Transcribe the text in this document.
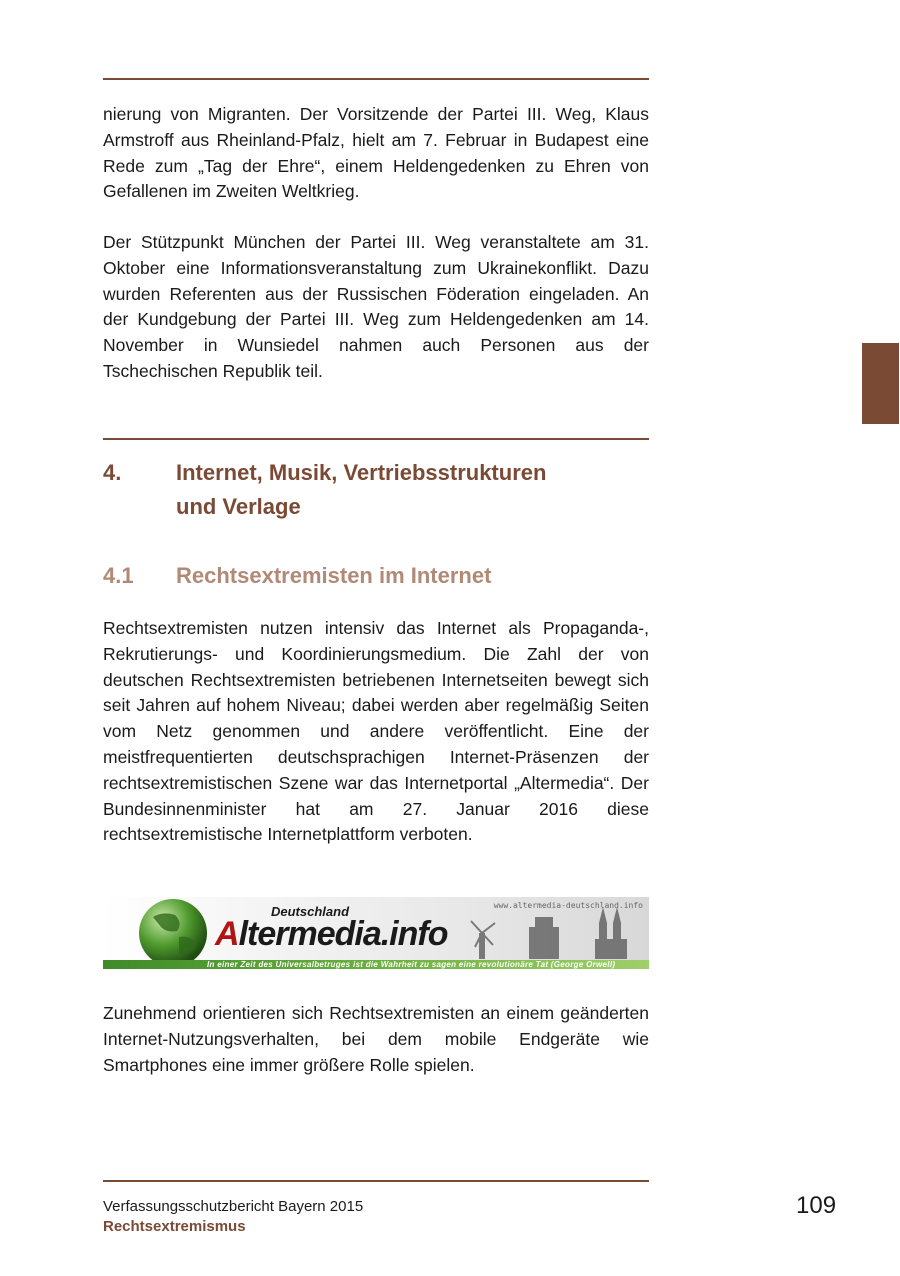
nierung von Migranten. Der Vorsitzende der Partei III. Weg, Klaus Armstroff aus Rheinland-Pfalz, hielt am 7. Februar in Budapest eine Rede zum „Tag der Ehre“, einem Heldengedenken zu Ehren von Gefallenen im Zweiten Weltkrieg.

Der Stützpunkt München der Partei III. Weg veranstaltete am 31. Oktober eine Informationsveranstaltung zum Ukrainekonflikt. Dazu wurden Referenten aus der Russischen Föderation eingeladen. An der Kundgebung der Partei III. Weg zum Heldengedenken am 14. November in Wunsiedel nahmen auch Personen aus der Tschechischen Republik teil.

4. Internet, Musik, Vertriebsstrukturen
und Verlage
4.1 Rechtsextremisten im Internet

Rechtsextremisten nutzen intensiv das Internet als Propaganda-, Rekrutierungs- und Koordinierungsmedium. Die Zahl der von deutschen Rechtsextremisten betriebenen Internetseiten bewegt sich seit Jahren auf hohem Niveau; dabei werden aber regelmäßig Seiten vom Netz genommen und andere veröffentlicht. Eine der meistfrequentierten deutschsprachigen Internet-Präsenzen der rechtsextremistischen Szene war das Internetportal „Altermedia“. Der Bundesinnenminister hat am 27. Januar 2016 diese rechtsextremistische Internetplattform verboten.

Deutschland
Altermedia.info
www.altermedia-deutschland.info
In einer Zeit des Universalbetruges ist die Wahrheit zu sagen eine revolutionäre Tat (George Orwell)

Zunehmend orientieren sich Rechtsextremisten an einem geänderten Internet-Nutzungsverhalten, bei dem mobile Endgeräte wie Smartphones eine immer größere Rolle spielen.

Verfassungsschutzbericht Bayern 2015
Rechtsextremismus
109
